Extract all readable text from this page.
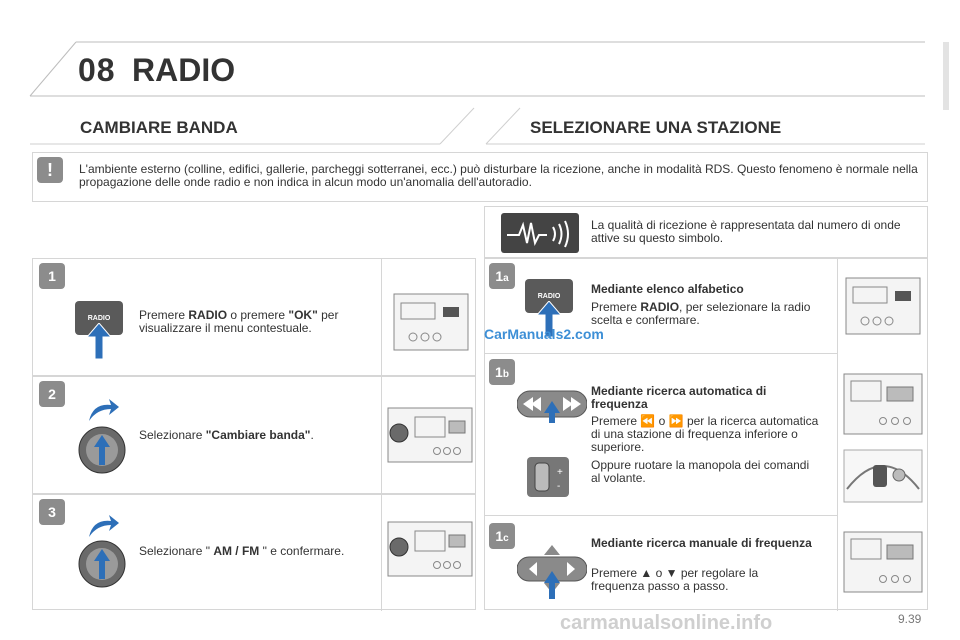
08 RADIO
CAMBIARE BANDA	SELEZIONARE UNA STAZIONE
!	L'ambiente esterno (colline, edifici, gallerie, parcheggi sotterranei, ecc.) può disturbare la ricezione, anche in modalità RDS. Questo fenomeno è normale nella propagazione delle onde radio e non indica in alcun modo un'anomalia dell'autoradio.
1
RADIO Premere RADIO o premere "OK" per visualizzare il menu contestuale.
2
Selezionare "Cambiare banda".
3
Selezionare " AM / FM " e confermare.
La qualità di ricezione è rappresentata dal numero di onde attive su questo simbolo.
1 a
RADIO	Mediante elenco alfabetico
Premere RADIO, per selezionare la radio scelta e confermare.
1 b
Mediante ricerca automatica di frequenza
Premere ⏪ o ⏩ per la ricerca automatica di una stazione di frequenza inferiore o superiore.
+
-
Oppure ruotare la manopola dei comandi al volante.
1 c	Mediante ricerca manuale di frequenza
Premere ▲ o ▼ per regolare la frequenza passo a passo.
CarManuals2.com
carmanualsonline.info	9.39
